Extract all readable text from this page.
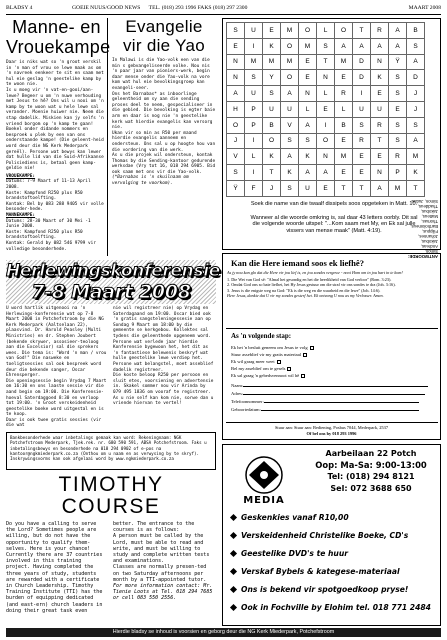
BLADSY 4	GOEIE NUUS/GOOD NEWS TEL. (018) 293 1996 FAKS (018) 297 2300	MAART 2008
Manne- en
Vrouekampe

Daar is niks wat so 'n groot verskil in 'n man of vrou se lewe maak as om 'n navreek eenkeer te sit en saam met hul eie geslag 'n geestelike kamp by te woon nie.

Is u moeg vir 'n vat-en-gooi/aan-lewe? Begeer u om 'n nuwe verhouding met Jesus te hê? Ons wil u nooi om 'n kamp by te woon wat u hele lewe sal verander. Moenie huiwer nie. Neem die stap dadelik. Miskien kan jy selfs 'n vriend borgom op 'n kamp te gaan!

Boekel onder didande nommers en besproek u plek by een van ons onderstaande kampe! (Die geleent-heid word deur die NG Kerk Mederpark gereël). Persone wat bewys kan lewer dat hulle lid van die Suid-Afrikaanse Polisiediens is, betaal geen kamp-geldie nie!

VROUEKAMPE:

Datums: 7-9 Maart of 11-13 April 2008.

Koste: Kampfond R250 plus R50 brandstoftoelfting.

Kontak: Bel by 083 288 9405 vir volle besonder-hede.

MANNEKAMPE:

Datums: 28-30 Maart of 30 Mei -1 Junie 2008.

Koste: Kampfond R250 plus R50 brandstoftoelfting.

Kontak: Gerald by 082 546 9799 vir volledige besonderhede.

Evangelie
vir die Yao

In Malawi is die Yao-volk een van die min s gebvangeliseerde volke. Nou nis 'n paar jaar van pioniers-werk, begin daar mense onder die Yao-volk na vore kom wat hul eie bevolkingsgroep kan evangeli-seer.

Ons het Barnabas* as inboorlinge geleentheid om sy aan die sending proses deel te neem, gespecialiseer in die gebied. Die bevolking is egter baie arm en daar is nog nie 'n geestelike kerk wat hierdie evangelis kan versorg nie.

Ukan vir so min as R50 per maand hierdie evangelis aanneem en ondersteun. Ons sal u op hoogte hou van die vordering van die werk.

As u die projek wil ondersteun, kontak Thomas by die Sending-kantoor gedurende werksdae (Vry tot 16, 018 294 6905. Bid ook saam met ons vir die Yao-volk.

(*Barnabas is 'n skuilnaam om vervolging te voorkom).

S	U	E	M	O	L	O	T	R	A	B
E	I	K	O	M	S	A	A	A	A	S
N	M	M	M	E	T	M	D	N	Ÿ	A
N	S	Y	O	E	N	E	D	K	S	D
A	U	S	A	N	L	R	I	E	S	J
H	P	U	U	L	E	L	U	U	E	J
O	P	B	V	A	I	B	S	R	S	S
J	I	O	S	S	O	E	R	T	S	A
V	L	K	A	K	N	M	E	E	R	M
S	I	T	K	A	A	E	E	N	P	K
Ÿ	F	J	S	U	E	T	T	A	M	T
Soek die name van die twaalf dissipels soos opgeteken in Matt. 10.
Wanneer al die woorde omkring is, sal daar 43 letters oorbly. Dit sal die volgende woorde uitspel: "...Kom saam met My, en Ek sal julle vissers van mense maak" (Matt. 4:19).
ANTWOORDE: Simon, Andreas, Jakobus, Johannes, Filippus, Bartholomeus, Thomas, Matteus, Jakobus, Thaddeus, Simon, Judas.
Kan die Here iemand soos ek liefhê?
As jy nou kan glo dat die Here vir jou lief is, en jou sondes vergewe - nooi Hom om in jou hart in te kom!

1. Die Wet van God sê: "Almal het gesondig en het die heerlikheid van God verloor" (Rom. 3:23).

2. Omdat God ons so baie liefhet, het Hy Jesus gestuur om die straf vir ons sondes te dra (Joh. 3:16).

3. Jesus is die enigste weg na God: "Ek is die weg en die waarheid en die lewe" (Joh. 14:6).

Here Jesus, dankie dat U vir my sondes gesterf het. Ek ontvang U nou as my Verlosser. Amen.

As 'n volgende stap:
Ek het 'n besluit geneem om Jesus te volg
Stuur asseblief vir my gratis materiaal
Ek wil graag meer weet
Bel my asseblief om te gesels
Ek sal graag 'n gebedsvennoot wil hê
Naam:
Adres:
Telefoonnommer:
Geboortedatum:
Stuur aan: Stuur aan: Bediening, Posbus 7044, Mederpark, 2537
Of bel ons by 018 293 1996
Herlewingskonferensie
7-8 Maart 2008

U word hartlik uitgenooi na 'n Herlewings-konferensie wat op 7-8 Maart 2008 in Potchefstroom by die NG Kerk Mederpark (Aaltselaan 22), plaasvind. Dr. Harold Peasley (Multi Ministries) en dr. Stephen Joubert (bekende skrywer, assosieer-teoloog aan die Excelsior) sal die sprekers wees. Die tema is: "Word 'n man / vrou van God!" Die nasweke en toeligtsessies sal ook bespreek word deur die bekende sanger, Oscar Ehrensperger.

Die openingsessie begin Vrydag 7 Maart om 16:30 en ons laaste sessie vir die aand begin om 19:00. Die Konferensie-hoeval Saterdaggoed 8:30 en verloop tot 19:00. 'n Groot verskeidenheid geestelike boeke word uitgestal en is te koop.

Daar is ook twee gratis sessies (vir die wat

nie wil registreer nie) op Vrydag en Saterdagaand om 19:00. Oscar bied ook 'n gratis sangsteleningessesie aan op Sondag 9 Maart om 18:00 by die gemeente se kerkgebou. Kollektes sal tydens die geleenthede opgeneem word.

Persone wat verlede jaar hierdie Konferensie bygewoon het, het dit as 'n fantastiese belewenis beskryf wat hulle geestelike lewe verdiep het. Persone wat belangstel, moet asseblief dadelik registreer.

Die koste beloop R250 per persoon en sluit etes, voorsiening en advertensie in. Skakel sommer nou vir Arinda by 079 495 1836 om vooraf te registreer. As u nie self kan kom nie, sorwe dan u vriende hiervan te vertel!

Bankbesonderhede waar inbetalings gemaak kan word: Rekeningnaam: NGK Potchefstroom Mederpark, Tjek.rek. nr. 680 590 591, ABSA Potchefstroom. Faks u inbetalingsbewys en besonderhede na 018 294 0902 of e-pos na kantoor@ngkmiederpark.co.za (Onthou om u naam en as verwysing by te skryf). Inskrywingsvorms kan ook afgelaai word by www.ngkmiederpark.co.za
TIMOTHY
COURSE

Do you have a calling to serve the Lord? Sometimes people are willing, but do not have the opportunity to qualify them-selves. Here is your chance! Currently there are 37 countries involved in this training project. Having completed the three years of study, students are rewarded with a certificate in Church Leadership. Timothy Training Institute (TTI) has the burden of equipping dedicated (and east-ern) church leaders in doing their great task even

better. The entrance to the courses is as follows:

A person must be called by the Lord, must be able to read and write, and must be willing to study and complete written tests and examinations.

Classes are normally presen-ted on two Saturday afternoons per month by a TTI-appointed tutor.

For more information contact: Mr. Tienie Loots at Tel. 018 294 7685 or cell 083 550 2556.

MEDIA
Aarbeilaan 22 Potch
Oop: Ma-Sa: 9:00-13:00
Tel: (018) 294 8121
Sel: 072 3688 650
Geskenkies vanaf R10,00
Verskeidenheid Christelike Boeke, CD's
Geestelike DVD's te huur
Verskaf Bybels & kategese-materiaal
Ons is bekend vir spotgoedkoop pryse!
Ook in Fochville by Elohim tel. 018 771 2484
Hierdie bladsy se inhoud is voorsien en geborg deur die NG Kerk Miederpark, Potchefstroom
